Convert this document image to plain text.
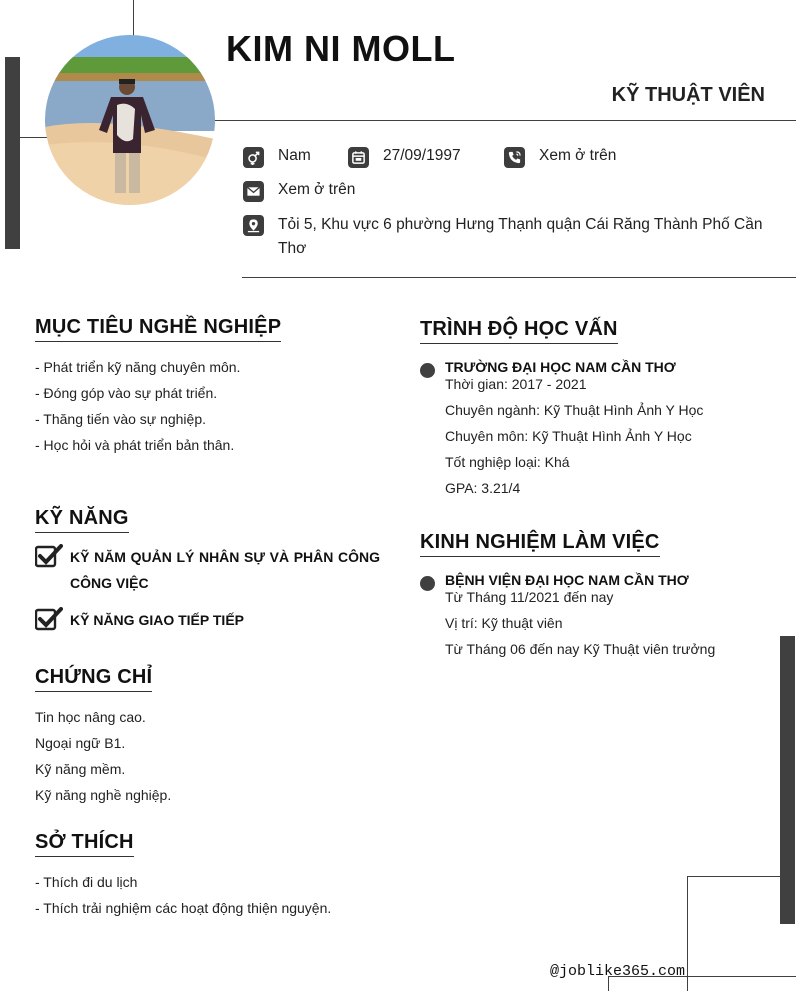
KIM NI MOLL
KỸ THUẬT VIÊN
Nam	27/09/1997	Xem ở trên
Xem ở trên
Tỏi 5, Khu vực 6 phường Hưng Thạnh quận Cái Răng Thành Phố Cần Thơ
MỤC TIÊU NGHỀ NGHIỆP
- Phát triển kỹ năng chuyên môn.
- Đóng góp vào sự phát triển.
- Thăng tiến vào sự nghiệp.
- Học hỏi và phát triển bản thân.
KỸ NĂNG
KỸ NĂM QUẢN LÝ NHÂN SỰ VÀ PHÂN CÔNG CÔNG VIỆC
KỸ NĂNG GIAO TIẾP TIẾP
CHỨNG CHỈ
Tin học nâng cao.
Ngoại ngữ B1.
Kỹ năng mềm.
Kỹ năng nghề nghiệp.
SỞ THÍCH
- Thích đi du lịch
- Thích trải nghiệm các hoạt động thiện nguyện.
TRÌNH ĐỘ HỌC VẤN
TRƯỜNG ĐẠI HỌC NAM CẦN THƠ
Thời gian: 2017 - 2021
Chuyên ngành: Kỹ Thuật Hình Ảnh Y Học
Chuyên môn: Kỹ Thuật Hình Ảnh Y Học
Tốt nghiệp loại: Khá
GPA: 3.21/4
KINH NGHIỆM LÀM VIỆC
BỆNH VIỆN ĐẠI HỌC NAM CẦN THƠ
Từ Tháng 11/2021 đến nay
Vị trí: Kỹ thuật viên
Từ Tháng 06 đến nay Kỹ Thuật viên trưởng
@joblike365.com
